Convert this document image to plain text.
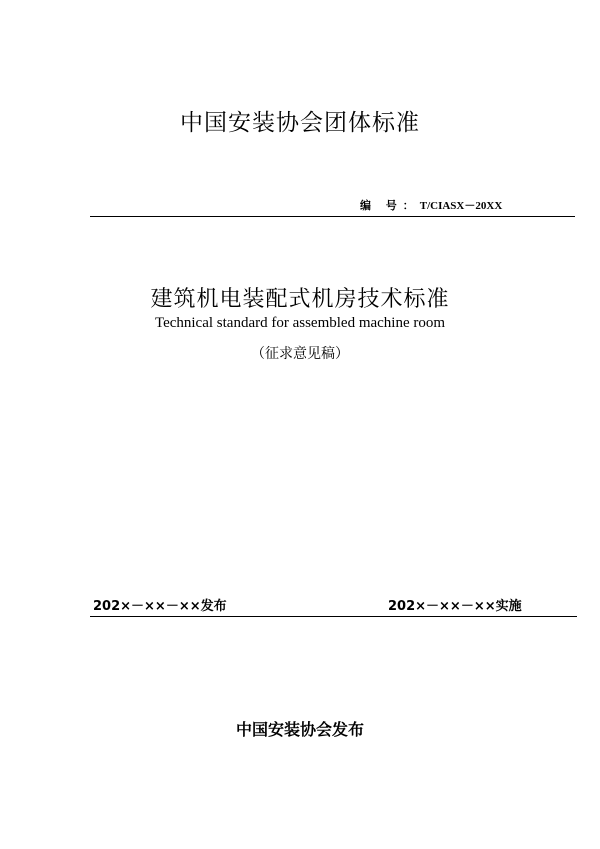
中国安装协会团体标准
编 号：T/CIASX－20XX
建筑机电装配式机房技术标准
Technical standard for assembled machine room
（征求意见稿）
202×－××－××发布	202×－××－××实施
中国安装协会发布
